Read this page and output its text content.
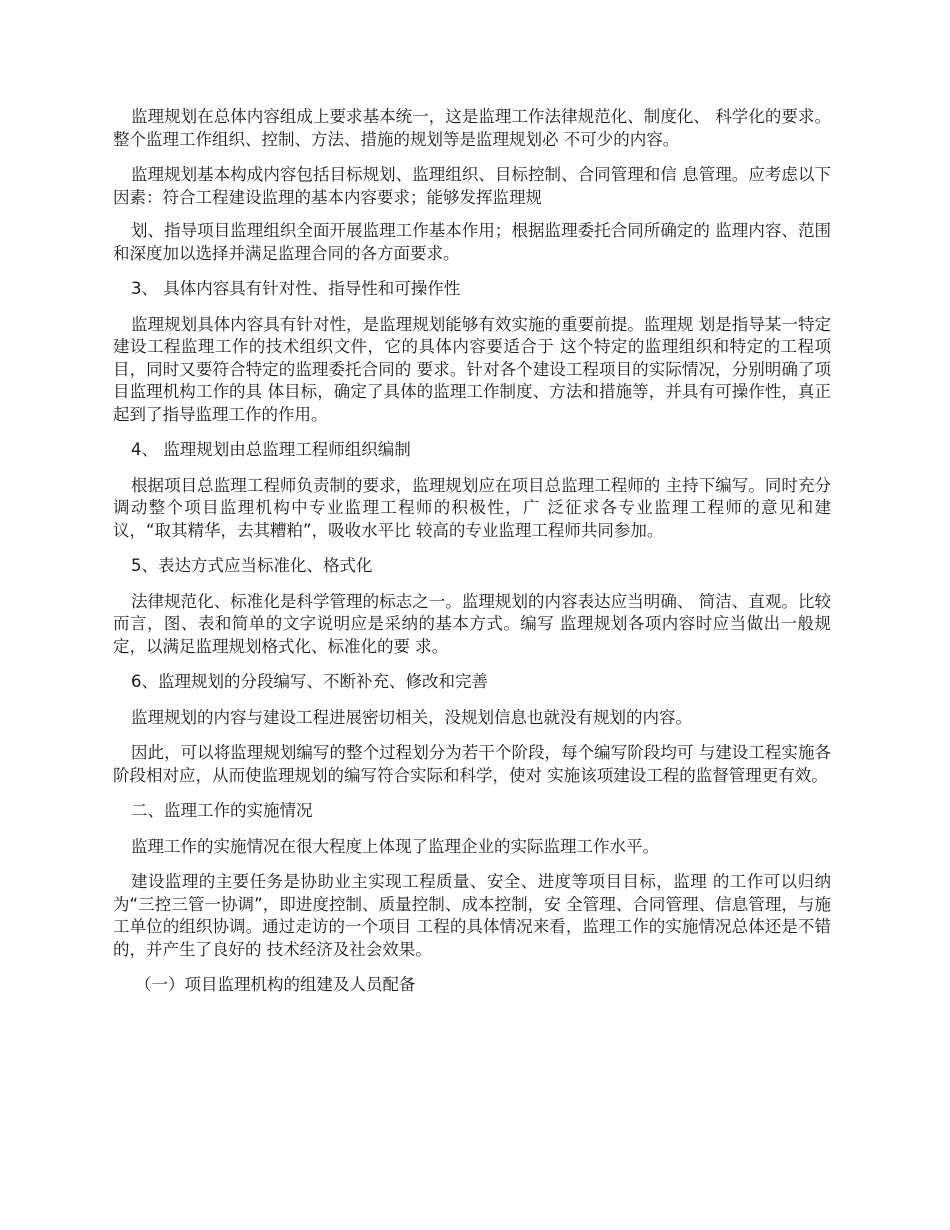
监理规划在总体内容组成上要求基本统一，这是监理工作法律规范化、制度化、 科学化的要求。整个监理工作组织、控制、方法、措施的规划等是监理规划必 不可少的内容。

监理规划基本构成内容包括目标规划、监理组织、目标控制、合同管理和信 息管理。应考虑以下因素：符合工程建设监理的基本内容要求；能够发挥监理规

划、指导项目监理组织全面开展监理工作基本作用；根据监理委托合同所确定的 监理内容、范围和深度加以选择并满足监理合同的各方面要求。

3、 具体内容具有针对性、指导性和可操作性

监理规划具体内容具有针对性，是监理规划能够有效实施的重要前提。监理规 划是指导某一特定建设工程监理工作的技术组织文件，它的具体内容要适合于 这个特定的监理组织和特定的工程项目，同时又要符合特定的监理委托合同的 要求。针对各个建设工程项目的实际情况，分别明确了项目监理机构工作的具 体目标，确定了具体的监理工作制度、方法和措施等，并具有可操作性，真正 起到了指导监理工作的作用。

4、 监理规划由总监理工程师组织编制

根据项目总监理工程师负责制的要求，监理规划应在项目总监理工程师的 主持下编写。同时充分调动整个项目监理机构中专业监理工程师的积极性，广 泛征求各专业监理工程师的意见和建议，“取其精华，去其糟粕”，吸收水平比 较高的专业监理工程师共同参加。

5、表达方式应当标准化、格式化

法律规范化、标准化是科学管理的标志之一。监理规划的内容表达应当明确、 简洁、直观。比较而言，图、表和简单的文字说明应是采纳的基本方式。编写 监理规划各项内容时应当做出一般规定，以满足监理规划格式化、标准化的要 求。

6、监理规划的分段编写、不断补充、修改和完善

监理规划的内容与建设工程进展密切相关，没规划信息也就没有规划的内容。

因此，可以将监理规划编写的整个过程划分为若干个阶段，每个编写阶段均可 与建设工程实施各阶段相对应，从而使监理规划的编写符合实际和科学，使对 实施该项建设工程的监督管理更有效。

二、监理工作的实施情况

监理工作的实施情况在很大程度上体现了监理企业的实际监理工作水平。

建设监理的主要任务是协助业主实现工程质量、安全、进度等项目目标，监理 的工作可以归纳为“三控三管一协调”，即进度控制、质量控制、成本控制，安 全管理、合同管理、信息管理，与施工单位的组织协调。通过走访的一个项目 工程的具体情况来看，监理工作的实施情况总体还是不错的，并产生了良好的 技术经济及社会效果。

（一）项目监理机构的组建及人员配备
